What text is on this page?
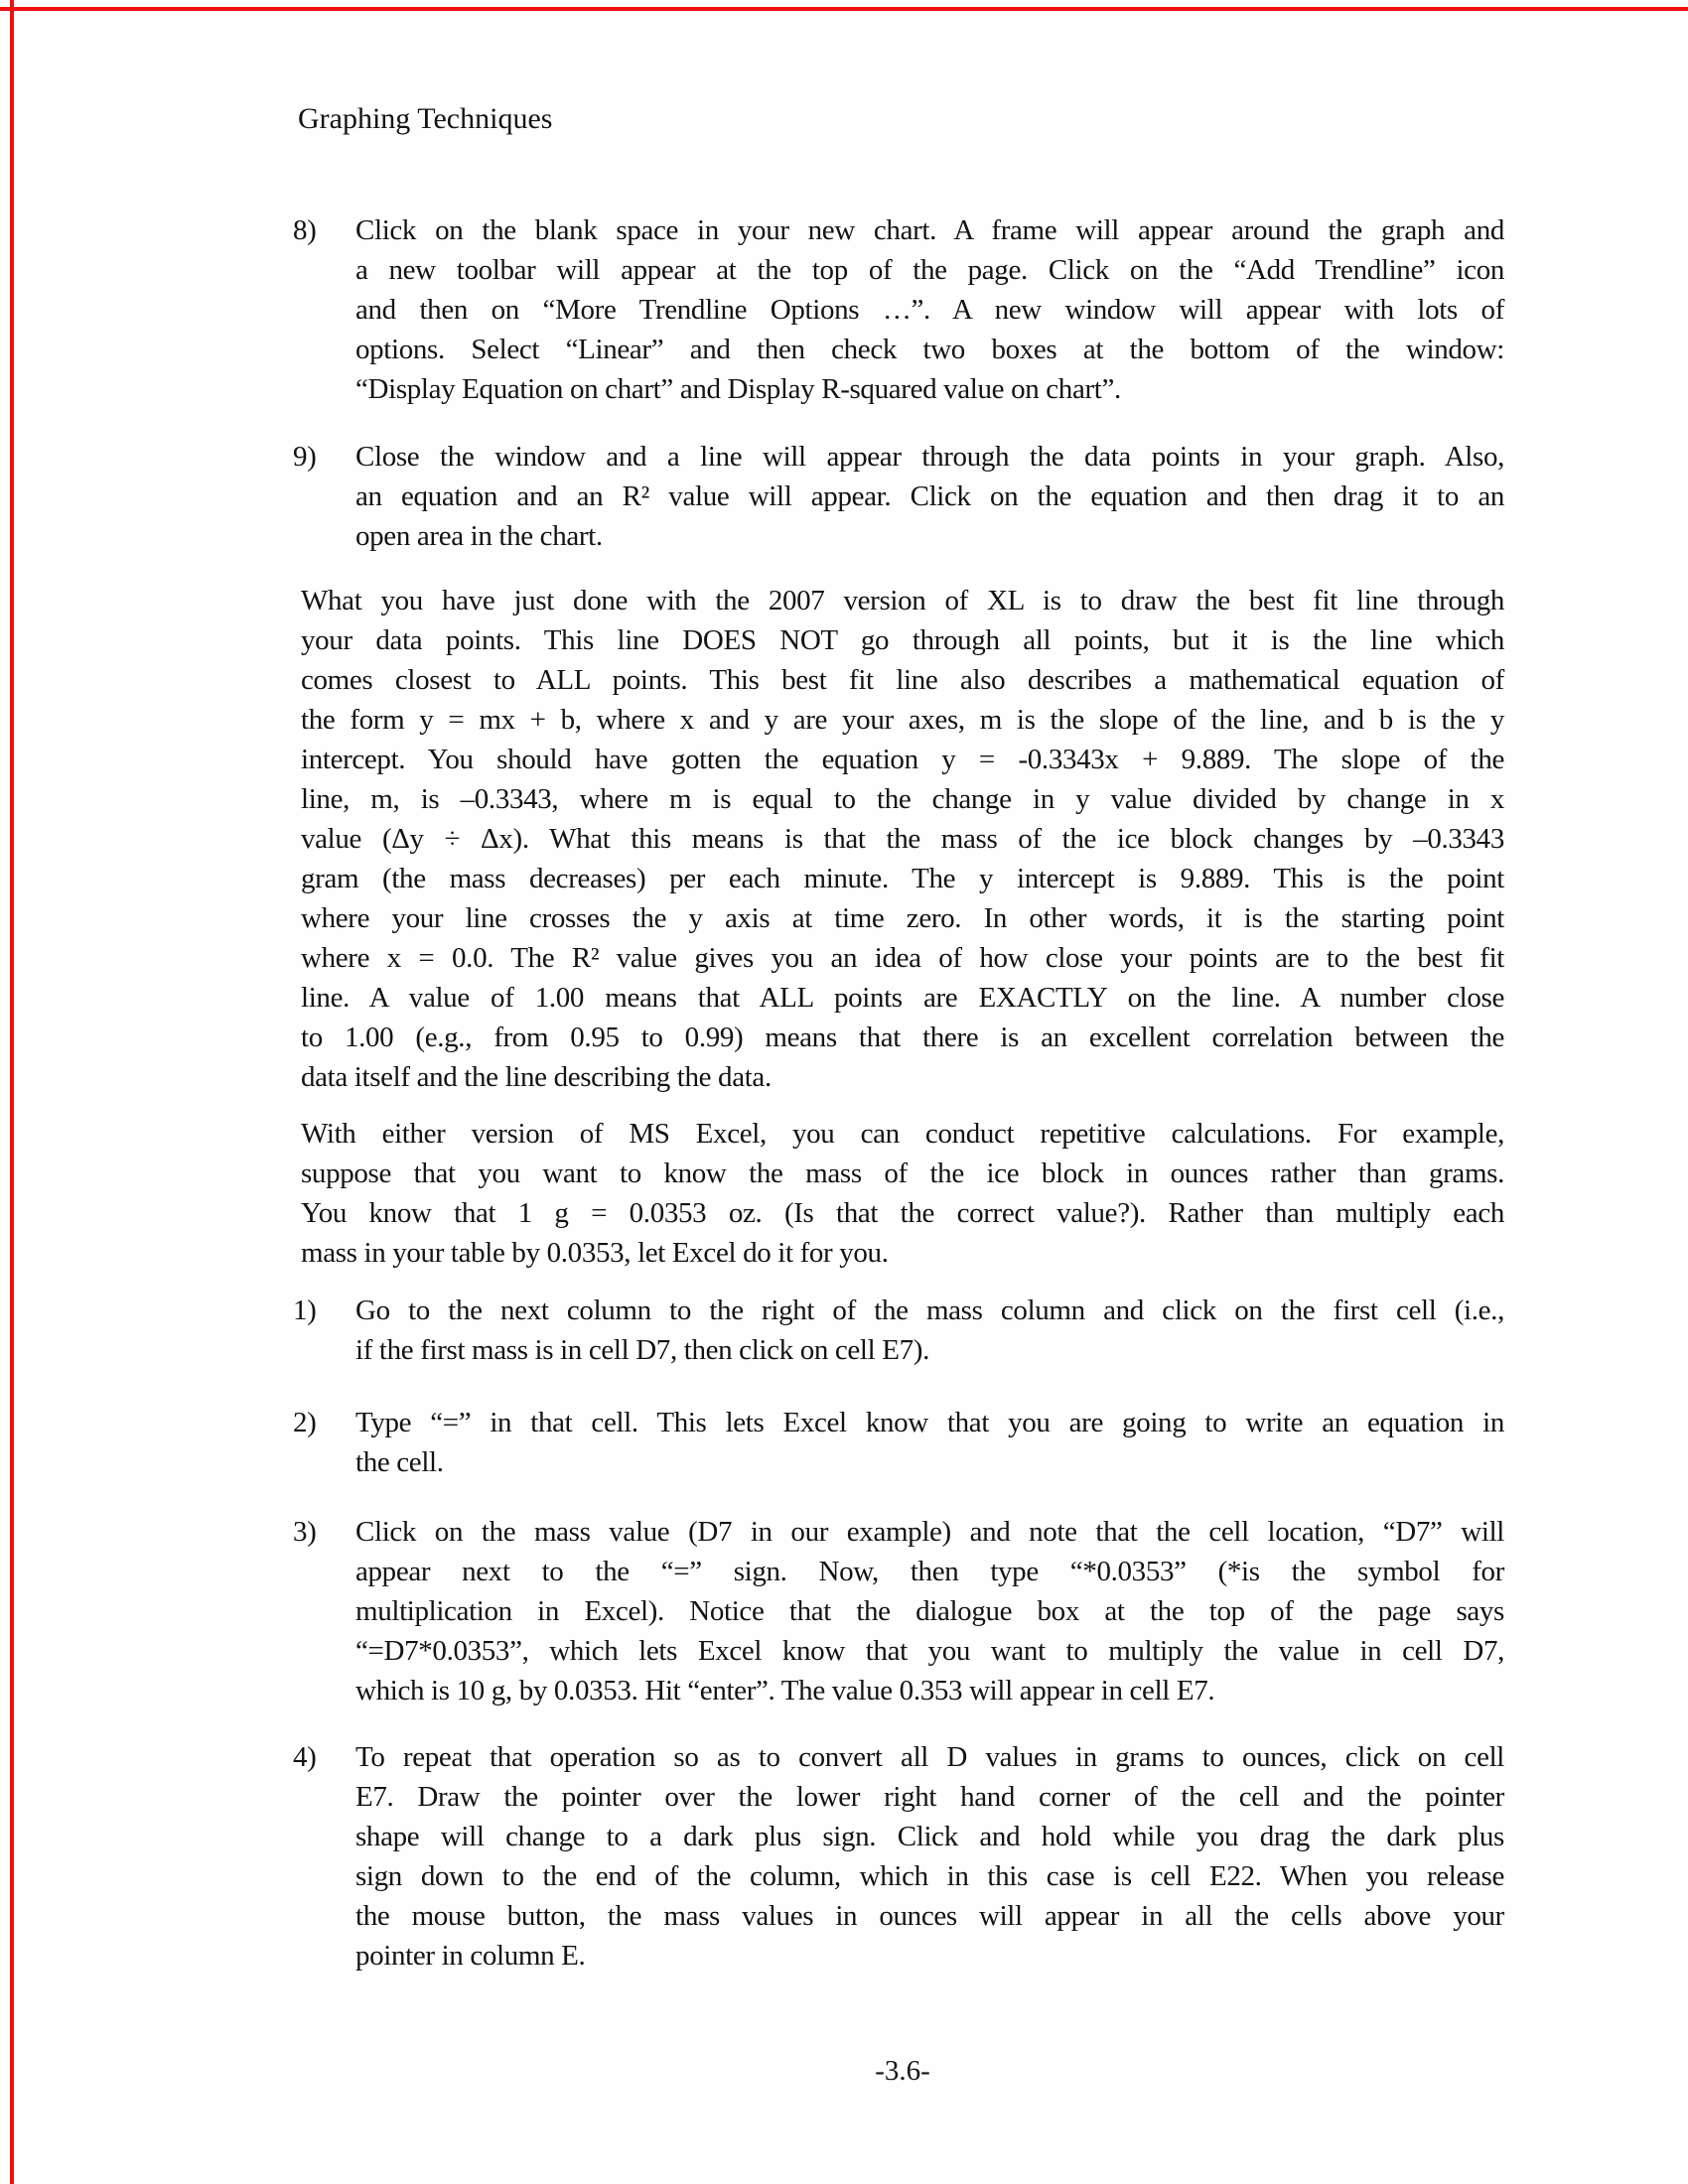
Graphing Techniques
8) Click on the blank space in your new chart. A frame will appear around the graph and
a new toolbar will appear at the top of the page. Click on the “Add Trendline” icon
and then on “More Trendline Options …”. A new window will appear with lots of
options. Select “Linear” and then check two boxes at the bottom of the window:
“Display Equation on chart” and Display R-squared value on chart”.
9) Close the window and a line will appear through the data points in your graph. Also,
an equation and an R² value will appear. Click on the equation and then drag it to an
open area in the chart.
What you have just done with the 2007 version of XL is to draw the best fit line through
your data points. This line DOES NOT go through all points, but it is the line which
comes closest to ALL points. This best fit line also describes a mathematical equation of
the form y = mx + b, where x and y are your axes, m is the slope of the line, and b is the y
intercept. You should have gotten the equation y = -0.3343x + 9.889. The slope of the
line, m, is –0.3343, where m is equal to the change in y value divided by change in x
value (Δy ÷ Δx). What this means is that the mass of the ice block changes by –0.3343
gram (the mass decreases) per each minute. The y intercept is 9.889. This is the point
where your line crosses the y axis at time zero. In other words, it is the starting point
where x = 0.0. The R² value gives you an idea of how close your points are to the best fit
line. A value of 1.00 means that ALL points are EXACTLY on the line. A number close
to 1.00 (e.g., from 0.95 to 0.99) means that there is an excellent correlation between the
data itself and the line describing the data.
With either version of MS Excel, you can conduct repetitive calculations. For example,
suppose that you want to know the mass of the ice block in ounces rather than grams.
You know that 1 g = 0.0353 oz. (Is that the correct value?). Rather than multiply each
mass in your table by 0.0353, let Excel do it for you.
1) Go to the next column to the right of the mass column and click on the first cell (i.e.,
if the first mass is in cell D7, then click on cell E7).
2) Type “=” in that cell. This lets Excel know that you are going to write an equation in
the cell.
3) Click on the mass value (D7 in our example) and note that the cell location, “D7” will
appear next to the “=” sign. Now, then type “*0.0353” (*is the symbol for
multiplication in Excel). Notice that the dialogue box at the top of the page says
“=D7*0.0353”, which lets Excel know that you want to multiply the value in cell D7,
which is 10 g, by 0.0353. Hit “enter”. The value 0.353 will appear in cell E7.
4) To repeat that operation so as to convert all D values in grams to ounces, click on cell
E7. Draw the pointer over the lower right hand corner of the cell and the pointer
shape will change to a dark plus sign. Click and hold while you drag the dark plus
sign down to the end of the column, which in this case is cell E22. When you release
the mouse button, the mass values in ounces will appear in all the cells above your
pointer in column E.
-3.6-
